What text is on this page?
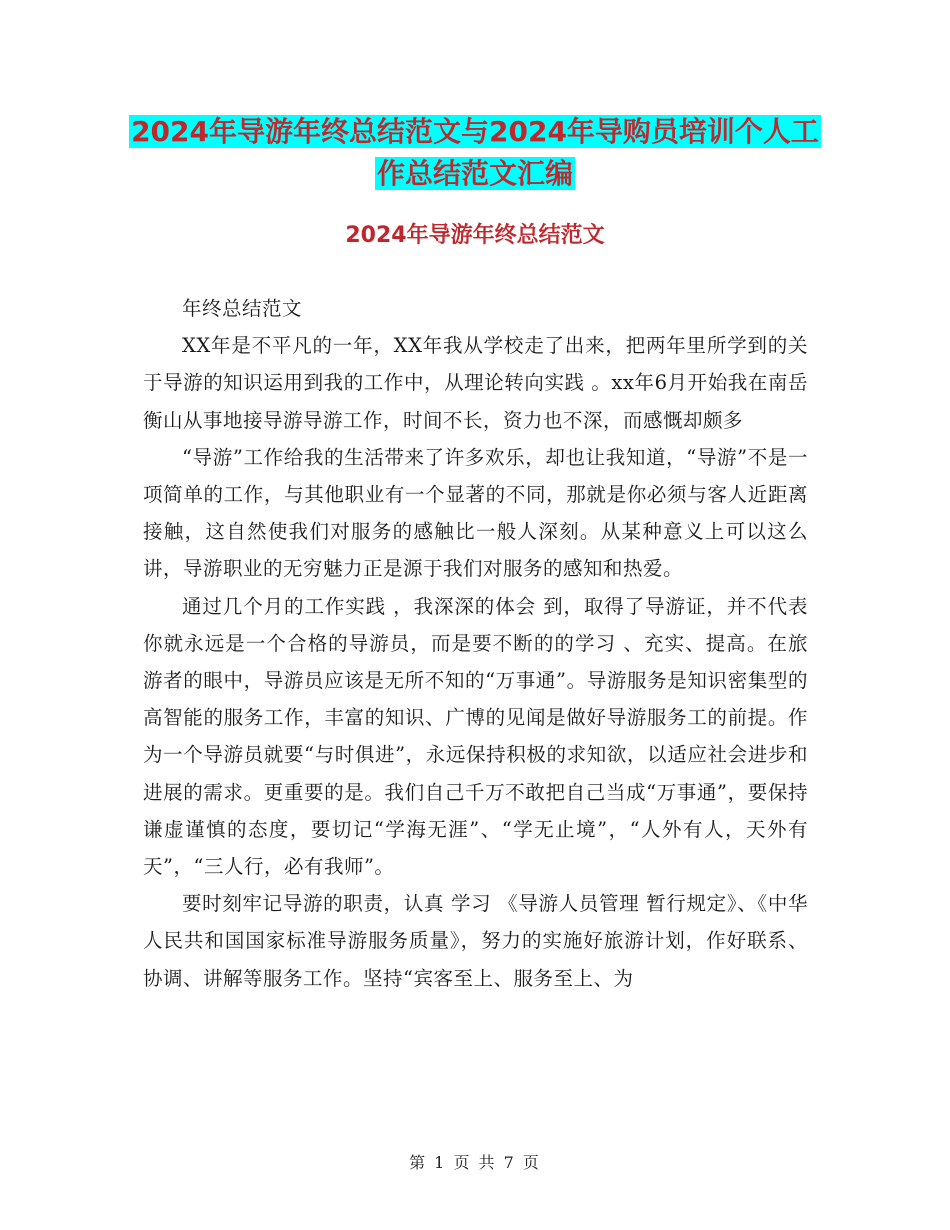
2024年导游年终总结范文与2024年导购员培训个人工
作总结范文汇编
2024年导游年终总结范文

年终总结范文

XX年是不平凡的一年，XX年我从学校走了出来，把两年里所学到的关于导游的知识运用到我的工作中，从理论转向实践 。xx年6月开始我在南岳衡山从事地接导游导游工作，时间不长，资力也不深，而感慨却颇多

“导游”工作给我的生活带来了许多欢乐，却也让我知道，“导游”不是一项简单的工作，与其他职业有一个显著的不同，那就是你必须与客人近距离接触，这自然使我们对服务的感触比一般人深刻。从某种意义上可以这么讲，导游职业的无穷魅力正是源于我们对服务的感知和热爱。

通过几个月的工作实践 ，我深深的体会 到，取得了导游证，并不代表你就永远是一个合格的导游员，而是要不断的的学习 、充实、提高。在旅游者的眼中，导游员应该是无所不知的“万事通”。导游服务是知识密集型的高智能的服务工作，丰富的知识、广博的见闻是做好导游服务工的前提。作为一个导游员就要“与时俱进”，永远保持积极的求知欲，以适应社会进步和进展的需求。更重要的是。我们自己千万不敢把自己当成“万事通”，要保持谦虚谨慎的态度，要切记“学海无涯”、“学无止境”，“人外有人，天外有天”，“三人行，必有我师”。

要时刻牢记导游的职责，认真 学习 《导游人员管理 暂行规定》、《中华人民共和国国家标准导游服务质量》，努力的实施好旅游计划，作好联系、协调、讲解等服务工作。坚持“宾客至上、服务至上、为

第 1 页 共 7 页
